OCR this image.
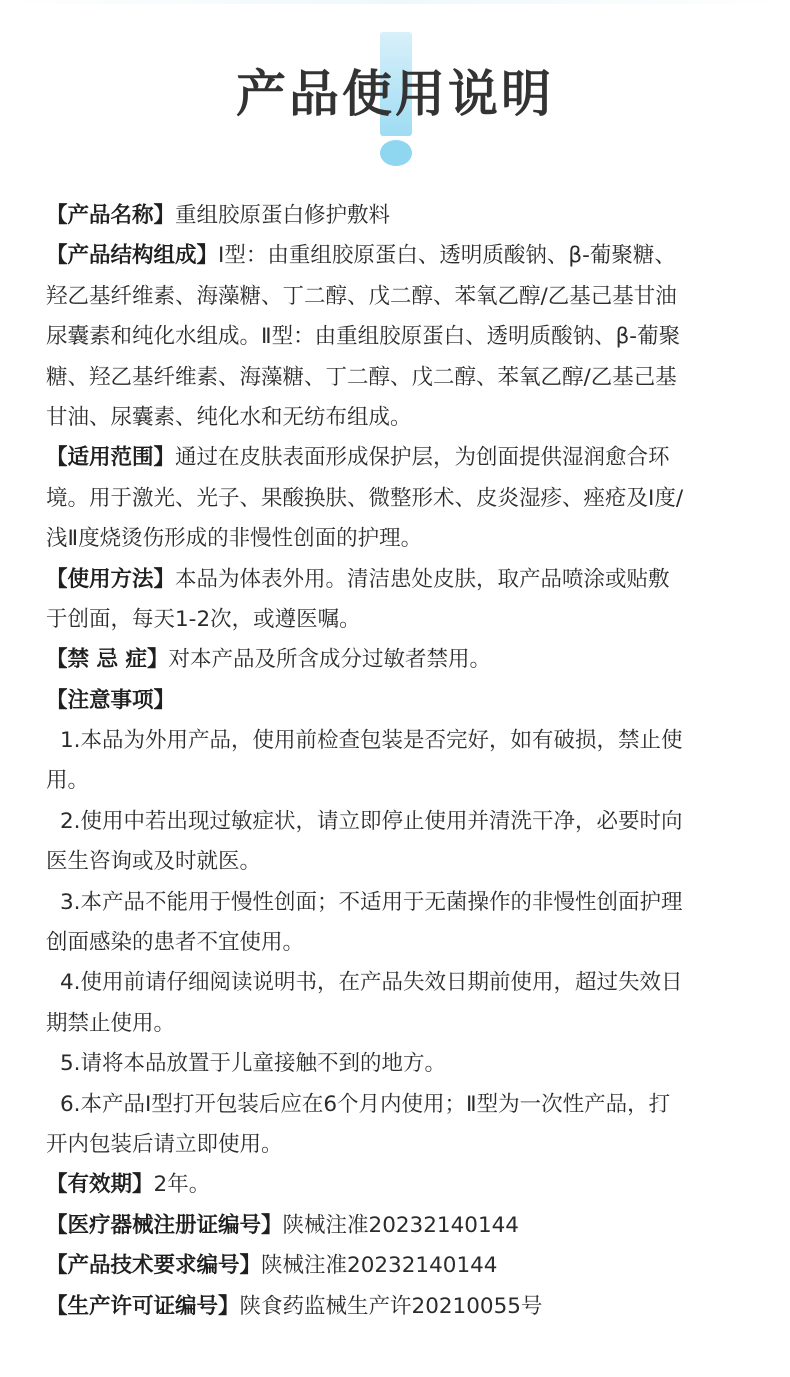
产品使用说明
【产品名称】重组胶原蛋白修护敷料
【产品结构组成】Ⅰ型：由重组胶原蛋白、透明质酸钠、β-葡聚糖、
羟乙基纤维素、海藻糖、丁二醇、戊二醇、苯氧乙醇/乙基己基甘油
尿囊素和纯化水组成。Ⅱ型：由重组胶原蛋白、透明质酸钠、β-葡聚
糖、羟乙基纤维素、海藻糖、丁二醇、戊二醇、苯氧乙醇/乙基己基
甘油、尿囊素、纯化水和无纺布组成。
【适用范围】通过在皮肤表面形成保护层，为创面提供湿润愈合环
境。用于激光、光子、果酸换肤、微整形术、皮炎湿疹、痤疮及Ⅰ度/
浅Ⅱ度烧烫伤形成的非慢性创面的护理。
【使用方法】本品为体表外用。清洁患处皮肤，取产品喷涂或贴敷
于创面，每天1-2次，或遵医嘱。
【禁 忌 症】对本产品及所含成分过敏者禁用。
【注意事项】
1.本品为外用产品，使用前检查包装是否完好，如有破损，禁止使
用。
2.使用中若出现过敏症状，请立即停止使用并清洗干净，必要时向
医生咨询或及时就医。
3.本产品不能用于慢性创面；不适用于无菌操作的非慢性创面护理
创面感染的患者不宜使用。
4.使用前请仔细阅读说明书，在产品失效日期前使用，超过失效日
期禁止使用。
5.请将本品放置于儿童接触不到的地方。
6.本产品Ⅰ型打开包装后应在6个月内使用；Ⅱ型为一次性产品，打
开内包装后请立即使用。
【有效期】2年。
【医疗器械注册证编号】陕械注准20232140144
【产品技术要求编号】陕械注准20232140144
【生产许可证编号】陕食药监械生产许20210055号
